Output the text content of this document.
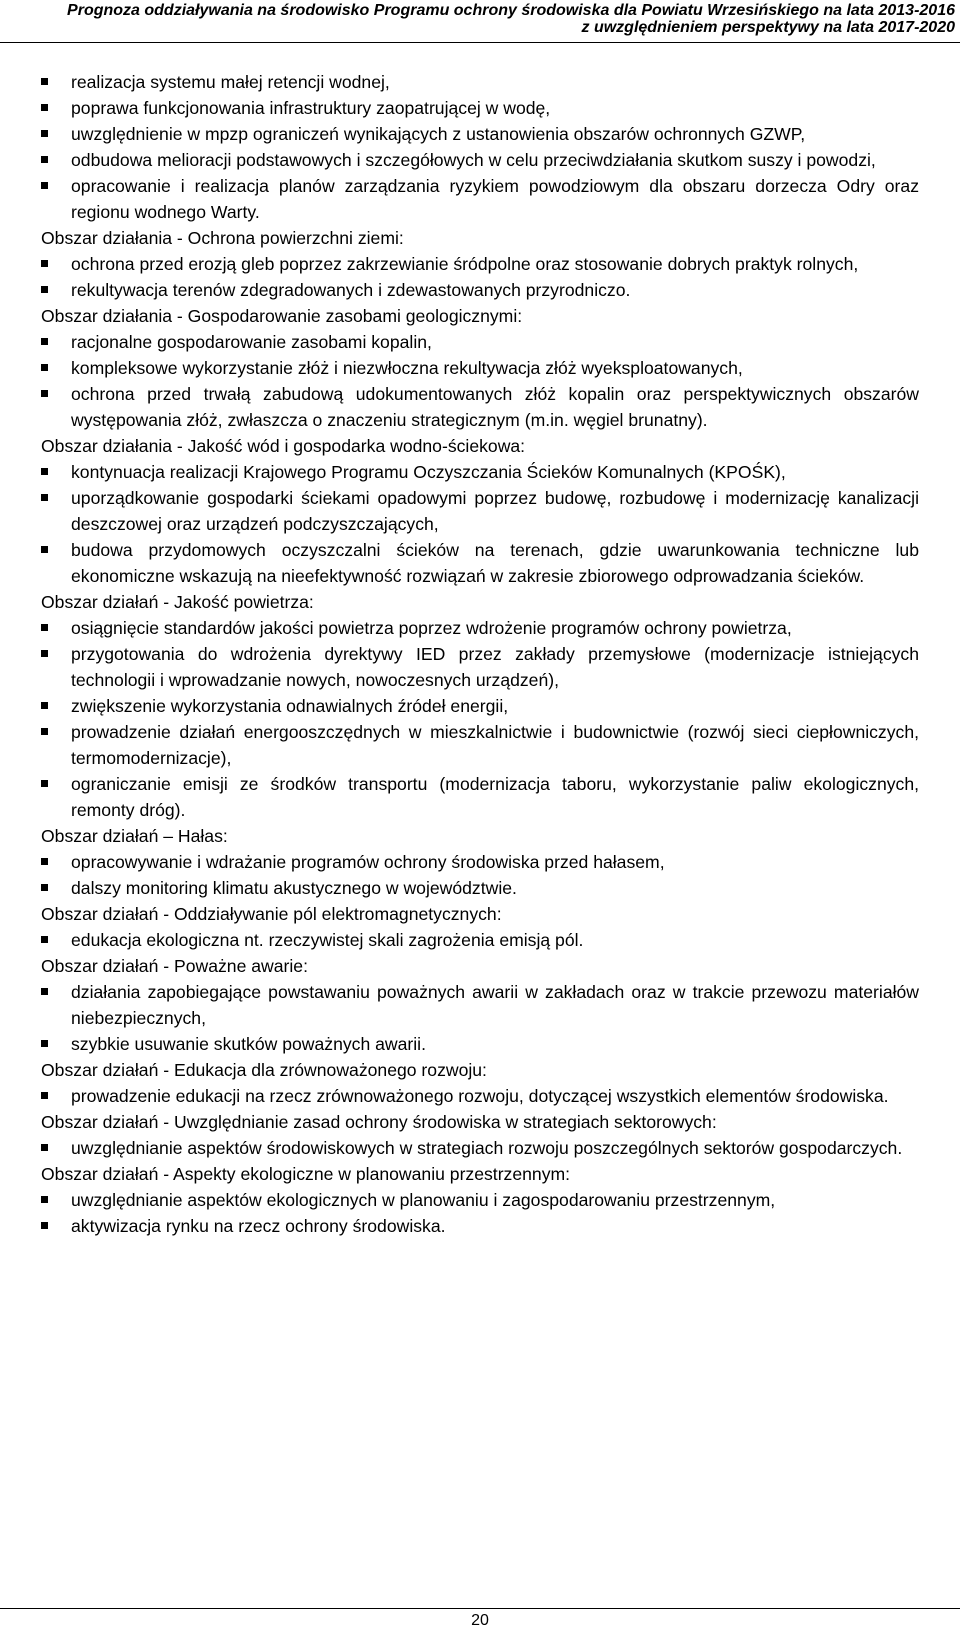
Prognoza oddziaływania na środowisko Programu ochrony środowiska dla Powiatu Wrzesińskiego na lata 2013-2016
z uwzględnieniem perspektywy na lata 2017-2020
realizacja systemu małej retencji wodnej,
poprawa funkcjonowania infrastruktury zaopatrującej w wodę,
uwzględnienie w mpzp ograniczeń wynikających z ustanowienia obszarów ochronnych GZWP,
odbudowa melioracji podstawowych i szczegółowych w celu przeciwdziałania skutkom suszy i powodzi,
opracowanie i realizacja planów zarządzania ryzykiem powodziowym dla obszaru dorzecza Odry oraz regionu wodnego Warty.
Obszar działania - Ochrona powierzchni ziemi:
ochrona przed erozją gleb poprzez zakrzewianie śródpolne oraz stosowanie dobrych praktyk rolnych,
rekultywacja terenów zdegradowanych i zdewastowanych przyrodniczo.
Obszar działania - Gospodarowanie zasobami geologicznymi:
racjonalne gospodarowanie zasobami kopalin,
kompleksowe wykorzystanie złóż i niezwłoczna rekultywacja złóż wyeksploatowanych,
ochrona przed trwałą zabudową udokumentowanych złóż kopalin oraz perspektywicznych obszarów występowania złóż, zwłaszcza o znaczeniu strategicznym (m.in. węgiel brunatny).
Obszar działania - Jakość wód i gospodarka wodno-ściekowa:
kontynuacja realizacji Krajowego Programu Oczyszczania Ścieków Komunalnych (KPOŚK),
uporządkowanie gospodarki ściekami opadowymi poprzez budowę, rozbudowę i modernizację kanalizacji deszczowej oraz urządzeń podczyszczających,
budowa przydomowych oczyszczalni ścieków na terenach, gdzie uwarunkowania techniczne lub ekonomiczne wskazują na nieefektywność rozwiązań w zakresie zbiorowego odprowadzania ścieków.
Obszar działań - Jakość powietrza:
osiągnięcie standardów jakości powietrza poprzez wdrożenie programów ochrony powietrza,
przygotowania do wdrożenia dyrektywy IED przez zakłady przemysłowe (modernizacje istniejących technologii i wprowadzanie nowych, nowoczesnych urządzeń),
zwiększenie wykorzystania odnawialnych źródeł energii,
prowadzenie działań energooszczędnych w mieszkalnictwie i budownictwie (rozwój sieci ciepłowniczych, termomodernizacje),
ograniczanie emisji ze środków transportu (modernizacja taboru, wykorzystanie paliw ekologicznych, remonty dróg).
Obszar działań – Hałas:
opracowywanie i wdrażanie programów ochrony środowiska przed hałasem,
dalszy monitoring klimatu akustycznego w województwie.
Obszar działań - Oddziaływanie pól elektromagnetycznych:
edukacja ekologiczna nt. rzeczywistej skali zagrożenia emisją pól.
Obszar działań - Poważne awarie:
działania zapobiegające powstawaniu poważnych awarii w zakładach oraz w trakcie przewozu materiałów niebezpiecznych,
szybkie usuwanie skutków poważnych awarii.
Obszar działań - Edukacja dla zrównoważonego rozwoju:
prowadzenie edukacji na rzecz zrównoważonego rozwoju, dotyczącej wszystkich elementów środowiska.
Obszar działań - Uwzględnianie zasad ochrony środowiska w strategiach sektorowych:
uwzględnianie aspektów środowiskowych w strategiach rozwoju poszczególnych sektorów gospodarczych.
Obszar działań - Aspekty ekologiczne w planowaniu przestrzennym:
uwzględnianie aspektów ekologicznych w planowaniu i zagospodarowaniu przestrzennym,
aktywizacja rynku na rzecz ochrony środowiska.
20
